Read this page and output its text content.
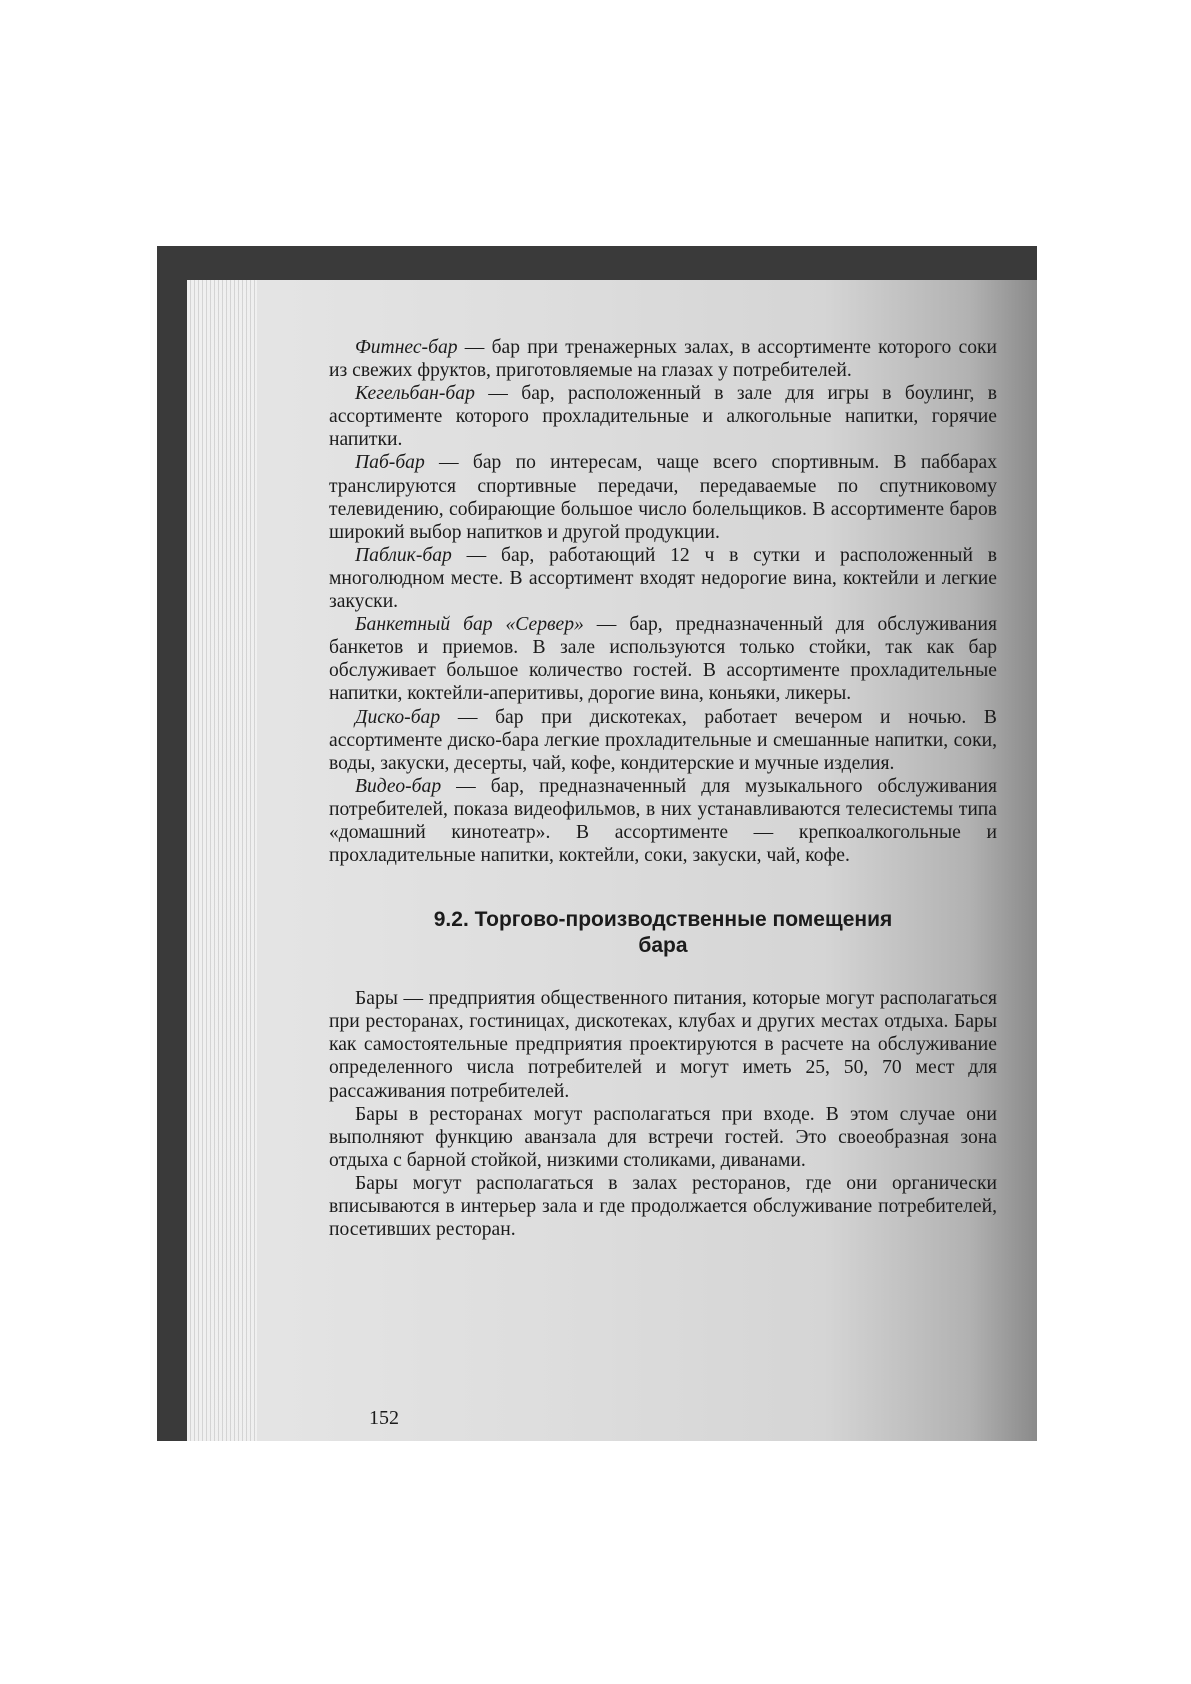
Фитнес-бар — бар при тренажерных залах, в ассортименте которого соки из свежих фруктов, приготовляемые на глазах у потребителей.

Кегельбан-бар — бар, расположенный в зале для игры в боулинг, в ассортименте которого прохладительные и алкогольные напитки, горячие напитки.

Паб-бар — бар по интересам, чаще всего спортивным. В паббарах транслируются спортивные передачи, передаваемые по спутниковому телевидению, собирающие большое число болельщиков. В ассортименте баров широкий выбор напитков и другой продукции.

Паблик-бар — бар, работающий 12 ч в сутки и расположенный в многолюдном месте. В ассортимент входят недорогие вина, коктейли и легкие закуски.

Банкетный бар «Сервер» — бар, предназначенный для обслуживания банкетов и приемов. В зале используются только стойки, так как бар обслуживает большое количество гостей. В ассортименте прохладительные напитки, коктейли-аперитивы, дорогие вина, коньяки, ликеры.

Диско-бар — бар при дискотеках, работает вечером и ночью. В ассортименте диско-бара легкие прохладительные и смешанные напитки, соки, воды, закуски, десерты, чай, кофе, кондитерские и мучные изделия.

Видео-бар — бар, предназначенный для музыкального обслуживания потребителей, показа видеофильмов, в них устанавливаются телесистемы типа «домашний кинотеатр». В ассортименте — крепкоалкогольные и прохладительные напитки, коктейли, соки, закуски, чай, кофе.

9.2. Торгово-производственные помещения
бара

Бары — предприятия общественного питания, которые могут располагаться при ресторанах, гостиницах, дискотеках, клубах и других местах отдыха. Бары как самостоятельные предприятия проектируются в расчете на обслуживание определенного числа потребителей и могут иметь 25, 50, 70 мест для рассаживания потребителей.

Бары в ресторанах могут располагаться при входе. В этом случае они выполняют функцию аванзала для встречи гостей. Это своеобразная зона отдыха с барной стойкой, низкими столиками, диванами.

Бары могут располагаться в залах ресторанов, где они органически вписываются в интерьер зала и где продолжается обслуживание потребителей, посетивших ресторан.

152
